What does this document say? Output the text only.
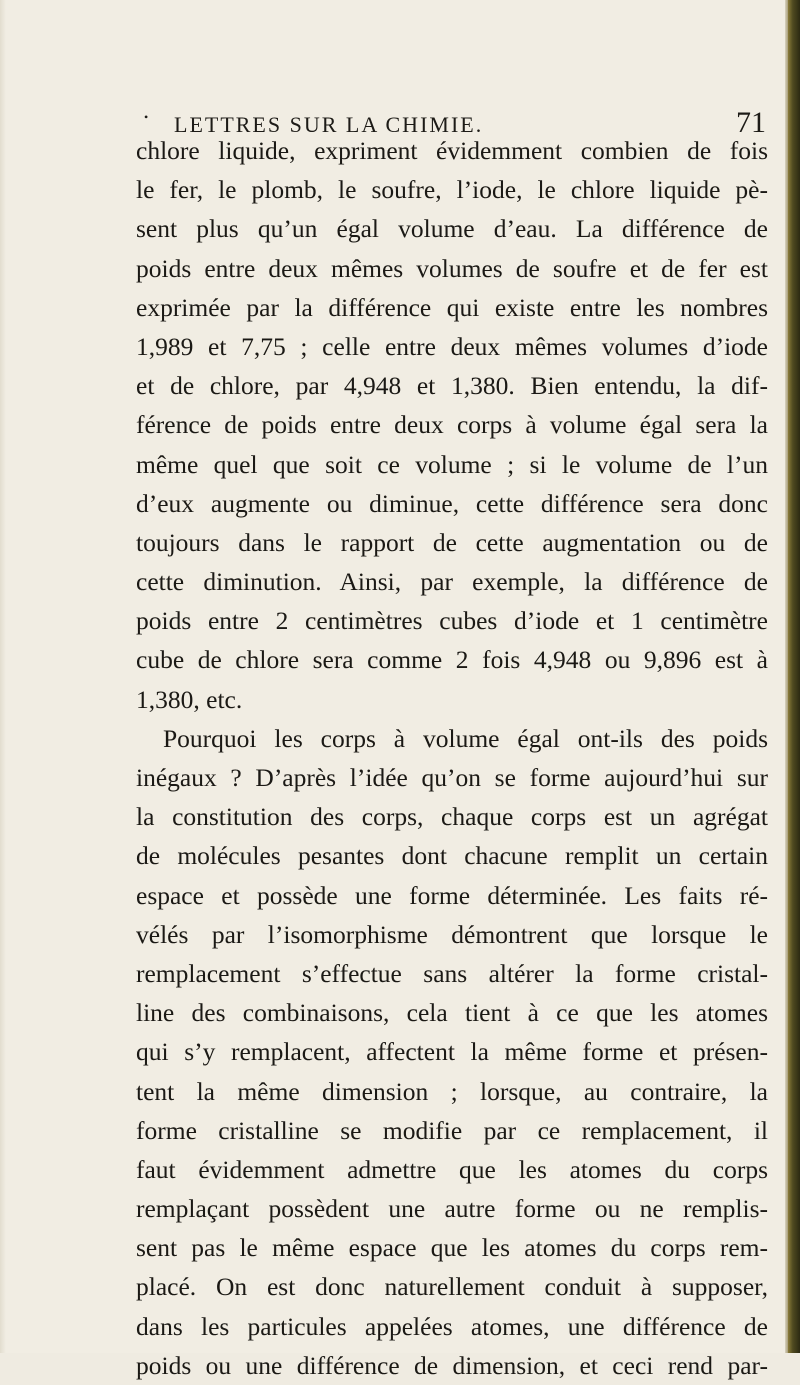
• LETTRES SUR LA CHIMIE.	71
chlore liquide, expriment évidemment combien de fois
le fer, le plomb, le soufre, l’iode, le chlore liquide pè-
sent plus qu’un égal volume d’eau. La différence de
poids entre deux mêmes volumes de soufre et de fer est
exprimée par la différence qui existe entre les nombres
1,989 et 7,75 ; celle entre deux mêmes volumes d’iode
et de chlore, par 4,948 et 1,380. Bien entendu, la dif-
férence de poids entre deux corps à volume égal sera la
même quel que soit ce volume ; si le volume de l’un
d’eux augmente ou diminue, cette différence sera donc
toujours dans le rapport de cette augmentation ou de
cette diminution. Ainsi, par exemple, la différence de
poids entre 2 centimètres cubes d’iode et 1 centimètre
cube de chlore sera comme 2 fois 4,948 ou 9,896 est à
1,380, etc.
Pourquoi les corps à volume égal ont-ils des poids
inégaux ? D’après l’idée qu’on se forme aujourd’hui sur
la constitution des corps, chaque corps est un agrégat
de molécules pesantes dont chacune remplit un certain
espace et possède une forme déterminée. Les faits ré-
vélés par l’isomorphisme démontrent que lorsque le
remplacement s’effectue sans altérer la forme cristal-
line des combinaisons, cela tient à ce que les atomes
qui s’y remplacent, affectent la même forme et présen-
tent la même dimension ; lorsque, au contraire, la
forme cristalline se modifie par ce remplacement, il
faut évidemment admettre que les atomes du corps
remplaçant possèdent une autre forme ou ne remplis-
sent pas le même espace que les atomes du corps rem-
placé. On est donc naturellement conduit à supposer,
dans les particules appelées atomes, une différence de
poids ou une différence de dimension, et ceci rend par-
